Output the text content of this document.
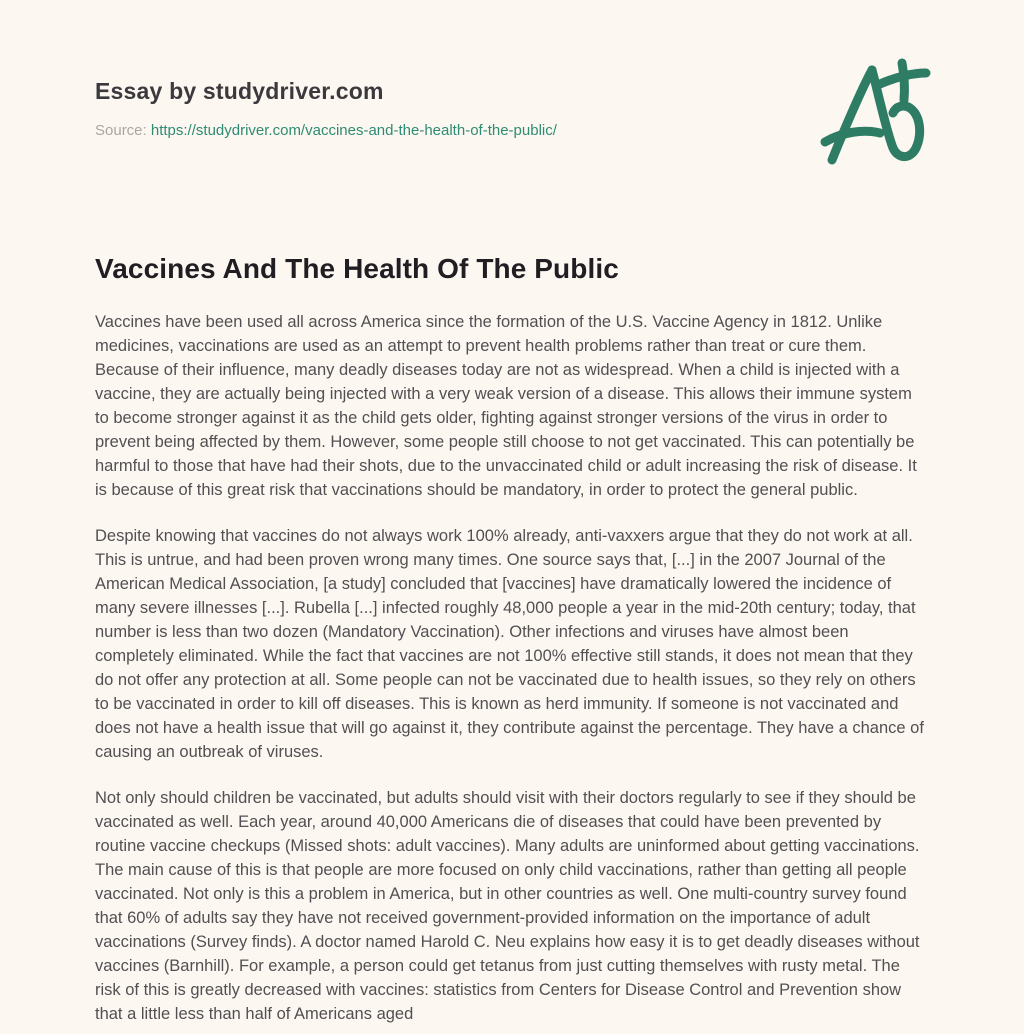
Essay by studydriver.com

Source: https://studydriver.com/vaccines-and-the-health-of-the-public/

Vaccines And The Health Of The Public

Vaccines have been used all across America since the formation of the U.S. Vaccine Agency in 1812. Unlike medicines, vaccinations are used as an attempt to prevent health problems rather than treat or cure them. Because of their influence, many deadly diseases today are not as widespread. When a child is injected with a vaccine, they are actually being injected with a very weak version of a disease. This allows their immune system to become stronger against it as the child gets older, fighting against stronger versions of the virus in order to prevent being affected by them. However, some people still choose to not get vaccinated. This can potentially be harmful to those that have had their shots, due to the unvaccinated child or adult increasing the risk of disease. It is because of this great risk that vaccinations should be mandatory, in order to protect the general public.

Despite knowing that vaccines do not always work 100% already, anti-vaxxers argue that they do not work at all. This is untrue, and had been proven wrong many times. One source says that, [...] in the 2007 Journal of the American Medical Association, [a study] concluded that [vaccines] have dramatically lowered the incidence of many severe illnesses [...]. Rubella [...] infected roughly 48,000 people a year in the mid-20th century; today, that number is less than two dozen (Mandatory Vaccination). Other infections and viruses have almost been completely eliminated. While the fact that vaccines are not 100% effective still stands, it does not mean that they do not offer any protection at all. Some people can not be vaccinated due to health issues, so they rely on others to be vaccinated in order to kill off diseases. This is known as herd immunity. If someone is not vaccinated and does not have a health issue that will go against it, they contribute against the percentage. They have a chance of causing an outbreak of viruses.

Not only should children be vaccinated, but adults should visit with their doctors regularly to see if they should be vaccinated as well. Each year, around 40,000 Americans die of diseases that could have been prevented by routine vaccine checkups (Missed shots: adult vaccines). Many adults are uninformed about getting vaccinations. The main cause of this is that people are more focused on only child vaccinations, rather than getting all people vaccinated. Not only is this a problem in America, but in other countries as well. One multi-country survey found that 60% of adults say they have not received government-provided information on the importance of adult vaccinations (Survey finds). A doctor named Harold C. Neu explains how easy it is to get deadly diseases without vaccines (Barnhill). For example, a person could get tetanus from just cutting themselves with rusty metal. The risk of this is greatly decreased with vaccines: statistics from Centers for Disease Control and Prevention show that a little less than half of Americans aged
